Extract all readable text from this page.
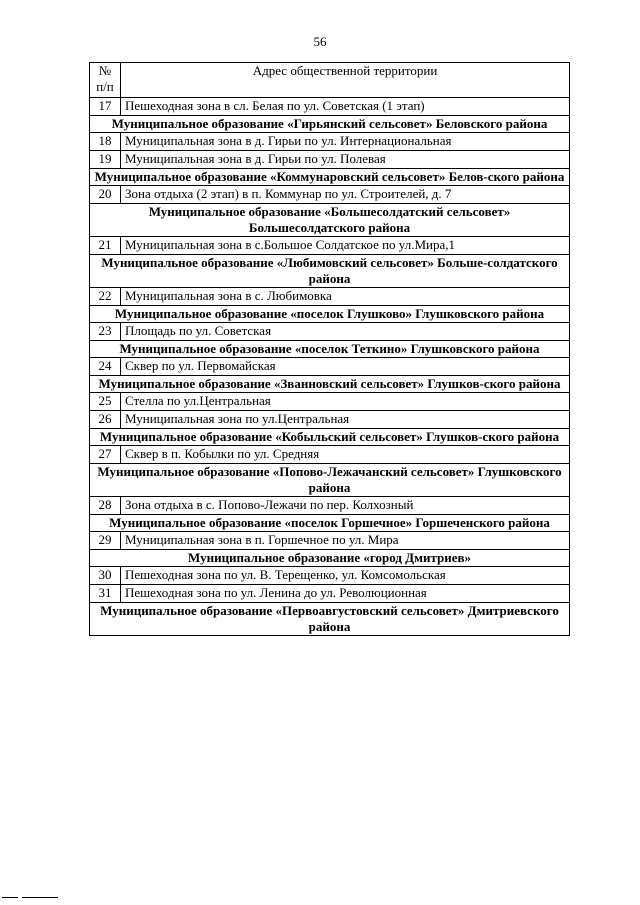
56
№ п/п	Адрес общественной территории
17	Пешеходная зона в сл. Белая по ул. Советская (1 этап)
Муниципальное образование «Гирьянский сельсовет» Беловского района	
18	Муниципальная зона в д. Гирьи по ул. Интернациональная
19	Муниципальная зона в д. Гирьи по ул. Полевая
Муниципальное образование «Коммунаровский сельсовет» Белов-ского района	
20	Зона отдыха (2 этап) в п. Коммунар по ул. Строителей, д. 7
Муниципальное образование «Большесолдатский сельсовет» Большесолдатского района	
21	Муниципальная зона в с.Большое Солдатское по ул.Мира,1
Муниципальное образование «Любимовский сельсовет» Больше-солдатского района	
22	Муниципальная зона в с. Любимовка
Муниципальное образование «поселок Глушково» Глушковского района	
23	Площадь по ул. Советская
Муниципальное образование «поселок Теткино» Глушковского района	
24	Сквер по ул. Первомайская
Муниципальное образование «Званновский сельсовет» Глушков-ского района	
25	Стелла по ул.Центральная
26	Муниципальная зона по ул.Центральная
Муниципальное образование «Кобыльский сельсовет» Глушков-ского района	
27	Сквер в п. Кобылки по ул. Средняя
Муниципальное образование «Попово-Лежачанский сельсовет» Глушковского района	
28	Зона отдыха в с. Попово-Лежачи по пер. Колхозный
Муниципальное образование «поселок Горшечное» Горшеченского района	
29	Муниципальная зона в п. Горшечное по ул. Мира
Муниципальное образование «город Дмитриев»	
30	Пешеходная зона по ул. В. Терещенко, ул. Комсомольская
31	Пешеходная зона по ул. Ленина до ул. Революционная
Муниципальное образование «Первоавгустовский сельсовет» Дмитриевского района	
